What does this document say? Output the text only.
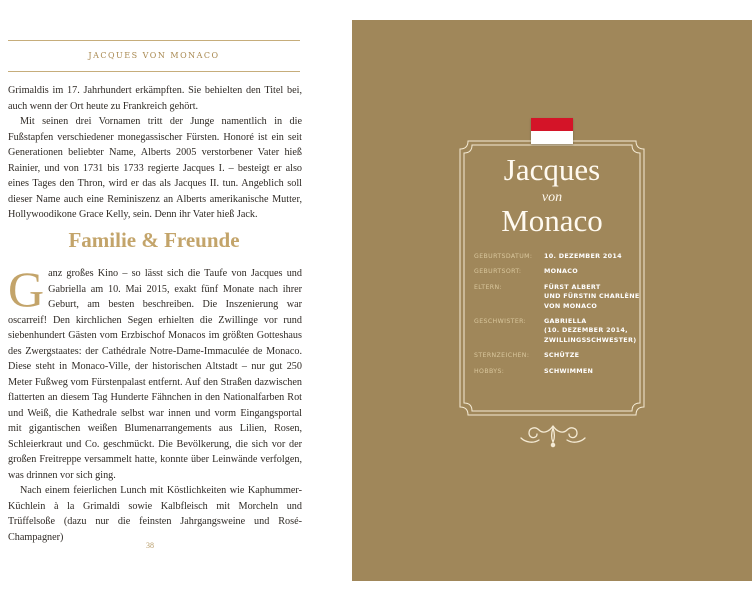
JACQUES VON MONACO

Grimaldis im 17. Jahrhundert erkämpften. Sie behielten den Titel bei, auch wenn der Ort heute zu Frankreich gehört.

Mit seinen drei Vornamen tritt der Junge namentlich in die Fußstapfen verschiedener monegassischer Fürsten. Honoré ist ein seit Generationen beliebter Name, Alberts 2005 verstorbener Vater hieß Rainier, und von 1731 bis 1733 regierte Jacques I. – besteigt er also eines Tages den Thron, wird er das als Jacques II. tun. Angeblich soll dieser Name auch eine Reminiszenz an Alberts amerikanische Mutter, Hollywoodikone Grace Kelly, sein. Denn ihr Vater hieß Jack.

Familie & Freunde

Ganz großes Kino – so lässt sich die Taufe von Jacques und Gabriella am 10. Mai 2015, exakt fünf Monate nach ihrer Geburt, am besten beschreiben. Die Inszenierung war oscarreif! Den kirchlichen Segen erhielten die Zwillinge vor rund siebenhundert Gästen vom Erzbischof Monacos im größten Gotteshaus des Zwergstaates: der Cathédrale Notre-Dame-Immaculée de Monaco. Diese steht in Monaco-Ville, der historischen Altstadt – nur gut 250 Meter Fußweg vom Fürstenpalast entfernt. Auf den Straßen dazwischen flatterten an diesem Tag Hunderte Fähnchen in den Nationalfarben Rot und Weiß, die Kathedrale selbst war innen und vorm Eingangsportal mit gigantischen weißen Blumenarrangements aus Lilien, Rosen, Schleierkraut und Co. geschmückt. Die Bevölkerung, die sich vor der großen Freitreppe versammelt hatte, konnte über Leinwände verfolgen, was drinnen vor sich ging.

Nach einem feierlichen Lunch mit Köstlichkeiten wie Kaphummer-Küchlein à la Grimaldi sowie Kalbfleisch mit Morcheln und Trüffelsoße (dazu nur die feinsten Jahrgangsweine und Rosé-Champagner)

38
Jacques
von
Monaco
GEBURTSDATUM:	10. DEZEMBER 2014
GEBURTSORT:	MONACO
ELTERN:	FÜRST ALBERT
UND FÜRSTIN CHARLÈNE
VON MONACO
GESCHWISTER:	GABRIELLA
(10. DEZEMBER 2014,
ZWILLINGSSCHWESTER)
STERNZEICHEN:	SCHÜTZE
HOBBYS:	SCHWIMMEN
